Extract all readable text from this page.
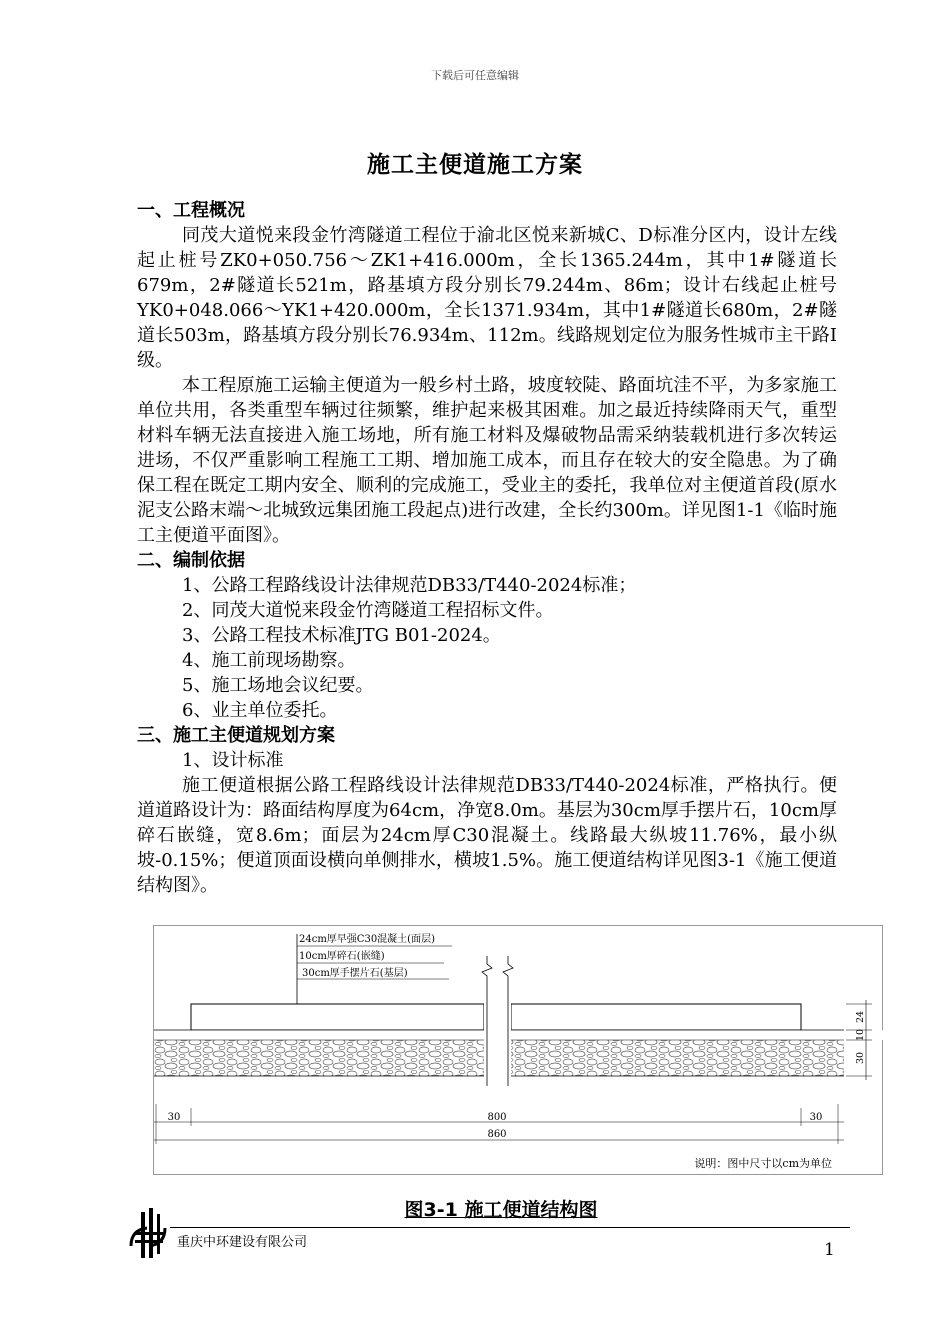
下载后可任意编辑
施工主便道施工方案

一、工程概况

同茂大道悦来段金竹湾隧道工程位于渝北区悦来新城C、D标准分区内，设计左线起止桩号ZK0+050.756～ZK1+416.000m，全长1365.244m，其中1#隧道长679m，2#隧道长521m，路基填方段分别长79.244m、86m；设计右线起止桩号YK0+048.066～YK1+420.000m，全长1371.934m，其中1#隧道长680m，2#隧道长503m，路基填方段分别长76.934m、112m。线路规划定位为服务性城市主干路Ⅰ级。

本工程原施工运输主便道为一般乡村土路，坡度较陡、路面坑洼不平，为多家施工单位共用，各类重型车辆过往频繁，维护起来极其困难。加之最近持续降雨天气，重型材料车辆无法直接进入施工场地，所有施工材料及爆破物品需采纳装载机进行多次转运进场，不仅严重影响工程施工工期、增加施工成本，而且存在较大的安全隐患。为了确保工程在既定工期内安全、顺利的完成施工，受业主的委托，我单位对主便道首段(原水泥支公路末端～北城致远集团施工段起点)进行改建，全长约300m。详见图1-1《临时施工主便道平面图》。

二、编制依据

1、公路工程路线设计法律规范DB33/T440-2024标准；

2、同茂大道悦来段金竹湾隧道工程招标文件。

3、公路工程技术标准JTG B01-2024。

4、施工前现场勘察。

5、施工场地会议纪要。

6、业主单位委托。

三、施工主便道规划方案

1、设计标准

施工便道根据公路工程路线设计法律规范DB33/T440-2024标准，严格执行。便道道路设计为：路面结构厚度为64cm，净宽8.0m。基层为30cm厚手摆片石，10cm厚碎石嵌缝，宽8.6m；面层为24cm厚C30混凝土。线路最大纵坡11.76%，最小纵坡-0.15%；便道顶面设横向单侧排水，横坡1.5%。施工便道结构详见图3-1《施工便道结构图》。

24cm厚早强C30混凝土(面层)
10cm厚碎石(嵌缝)
30cm厚手摆片石(基层)
24
10
30
30	800	30
860
说明：图中尺寸以cm为单位
图3-1 施工便道结构图
重庆中环建设有限公司	1
